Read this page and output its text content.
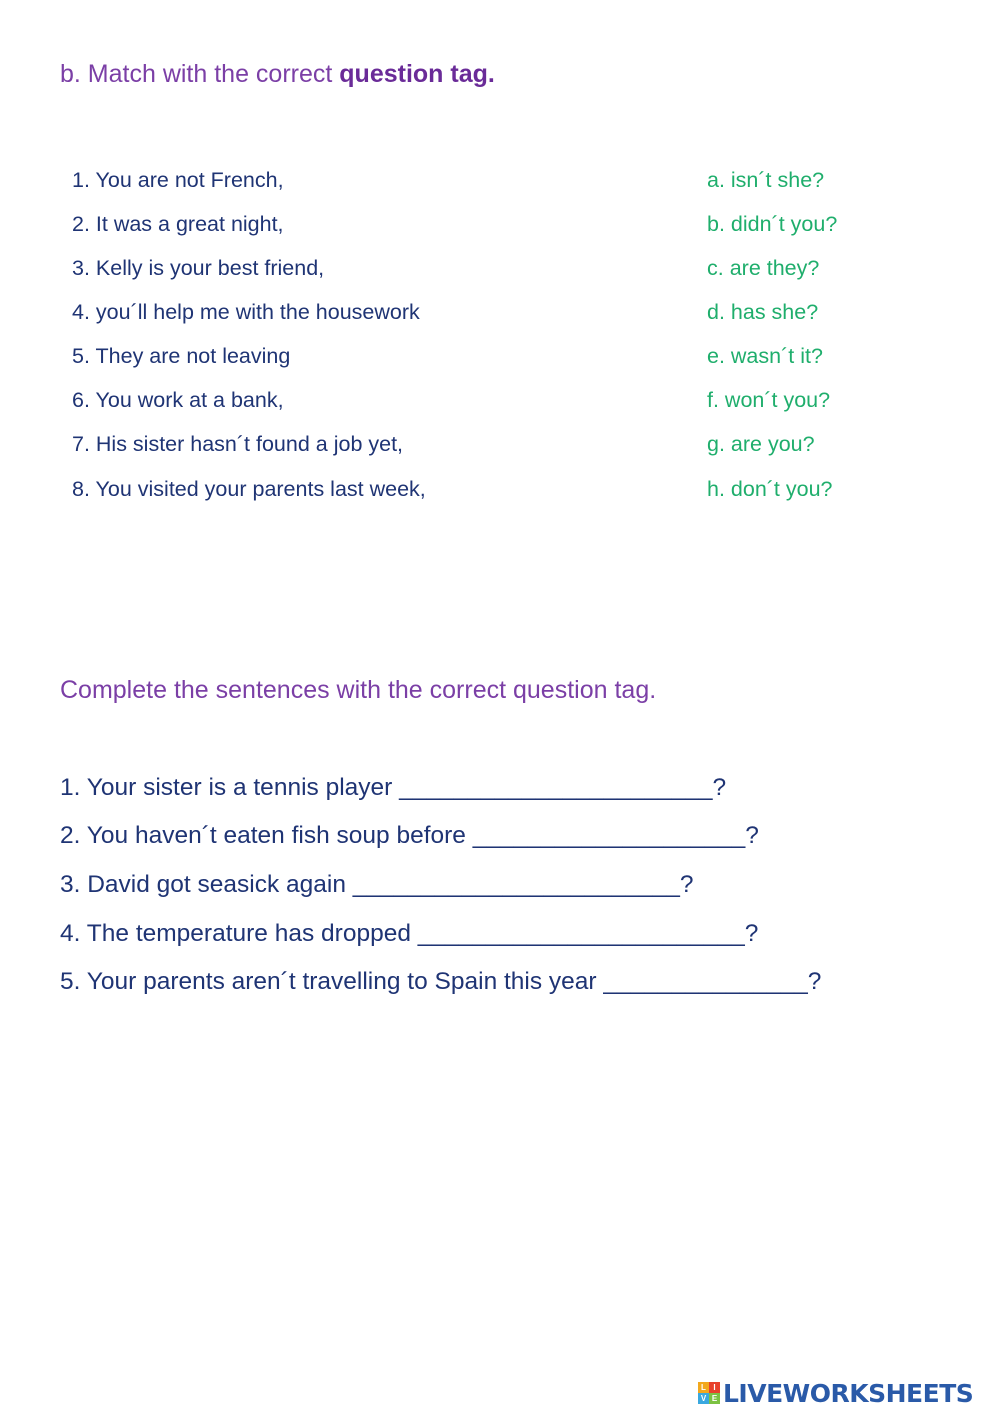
b. Match with the correct question tag.
1. You are not French,	a. isn´t she?
2. It was a great night,	b. didn´t you?
3. Kelly is your best friend,	c. are they?
4. you´ll help me with the housework	d. has she?
5. They are not leaving	e. wasn´t it?
6. You work at a bank,	f. won´t you?
7. His sister hasn´t found a job yet,	g. are you?
8. You visited your parents last week,	h. don´t you?
Complete the sentences with the correct question tag.
1. Your sister is a tennis player _______________________?
2. You haven´t eaten fish soup before ____________________?
3. David got seasick again ________________________?
4. The temperature has dropped ________________________?
5. Your parents aren´t travelling to Spain this year _______________?
L I
V E LIVEWORKSHEETS
